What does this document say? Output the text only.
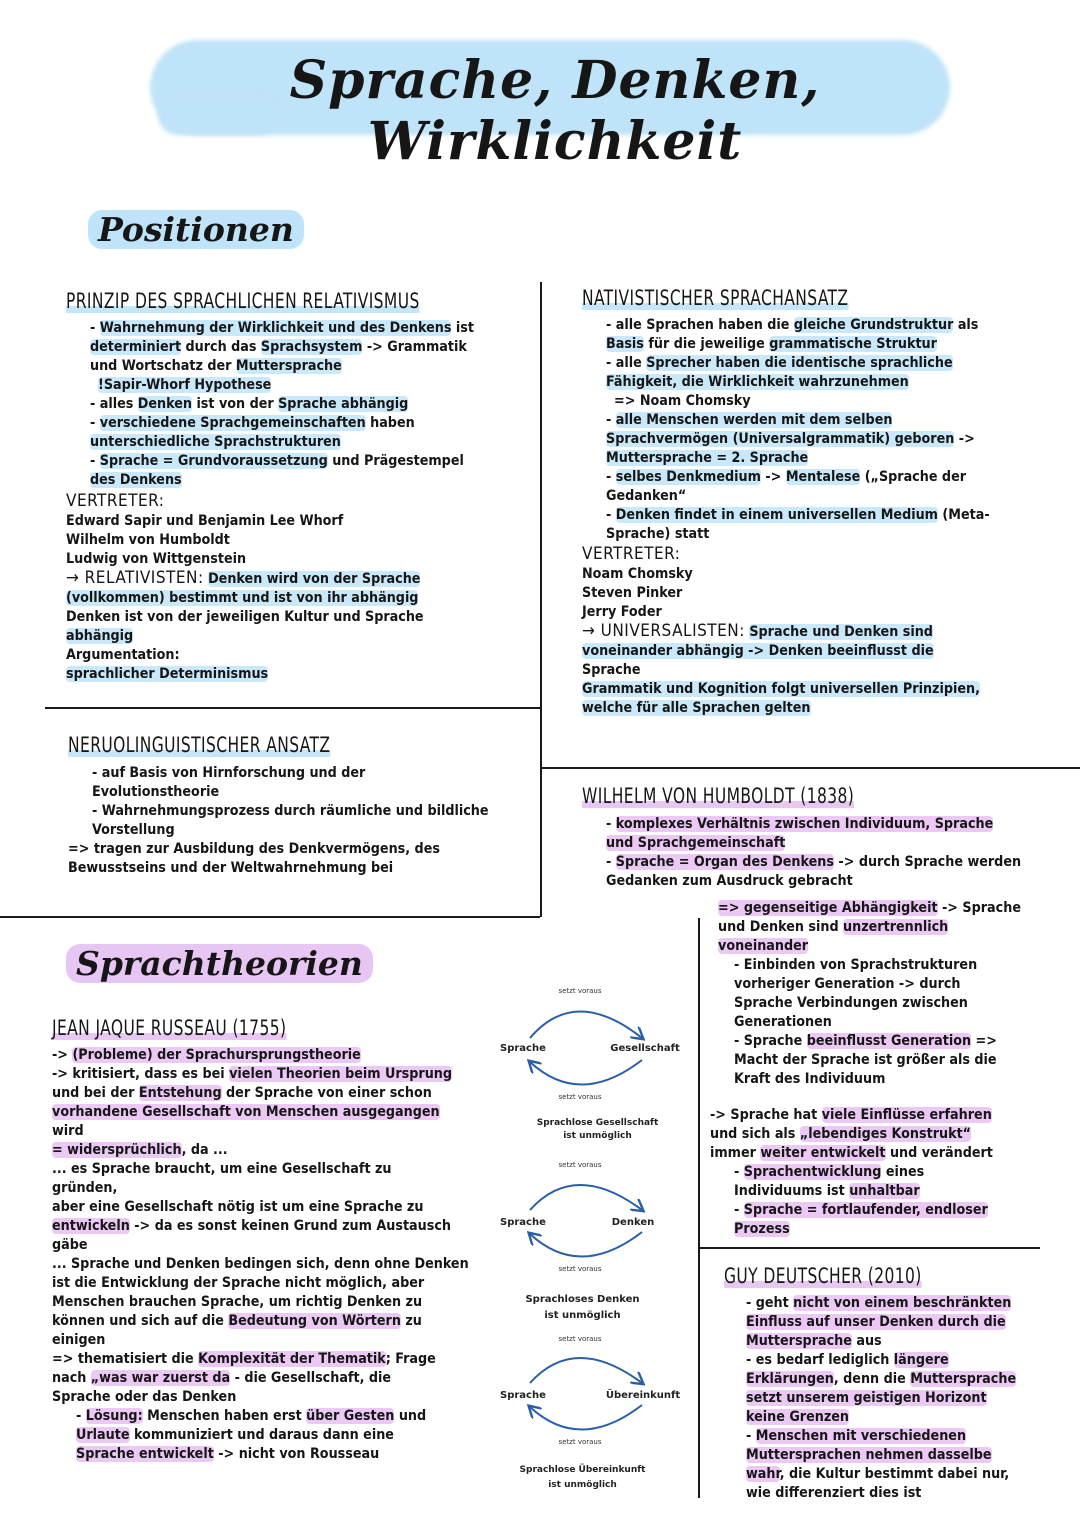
Sprache, Denken, Wirklichkeit
Positionen
PRINZIP DES SPRACHLICHEN RELATIVISMUS

- Wahrnehmung der Wirklichkeit und des Denkens ist

determiniert durch das Sprachsystem -> Grammatik

und Wortschatz der Muttersprache

!Sapir-Whorf Hypothese

- alles Denken ist von der Sprache abhängig

- verschiedene Sprachgemeinschaften haben

unterschiedliche Sprachstrukturen

- Sprache = Grundvoraussetzung und Prägestempel

des Denkens

VERTRETER:

Edward Sapir und Benjamin Lee Whorf

Wilhelm von Humboldt

Ludwig von Wittgenstein

→ RELATIVISTEN: Denken wird von der Sprache

(vollkommen) bestimmt und ist von ihr abhängig

Denken ist von der jeweiligen Kultur und Sprache

abhängig

Argumentation:

sprachlicher Determinismus

NATIVISTISCHER SPRACHANSATZ

- alle Sprachen haben die gleiche Grundstruktur als

Basis für die jeweilige grammatische Struktur

- alle Sprecher haben die identische sprachliche

Fähigkeit, die Wirklichkeit wahrzunehmen

=> Noam Chomsky

- alle Menschen werden mit dem selben

Sprachvermögen (Universalgrammatik) geboren ->

Muttersprache = 2. Sprache

- selbes Denkmedium -> Mentalese („Sprache der

Gedanken“

- Denken findet in einem universellen Medium (Meta-

Sprache) statt

VERTRETER:

Noam Chomsky

Steven Pinker

Jerry Foder

→ UNIVERSALISTEN: Sprache und Denken sind

voneinander abhängig -> Denken beeinflusst die

Sprache

Grammatik und Kognition folgt universellen Prinzipien,

welche für alle Sprachen gelten

NERUOLINGUISTISCHER ANSATZ

- auf Basis von Hirnforschung und der

Evolutionstheorie

- Wahrnehmungsprozess durch räumliche und bildliche

Vorstellung

=> tragen zur Ausbildung des Denkvermögens, des

Bewusstseins und der Weltwahrnehmung bei

WILHELM VON HUMBOLDT (1838)

- komplexes Verhältnis zwischen Individuum, Sprache

und Sprachgemeinschaft

- Sprache = Organ des Denkens -> durch Sprache werden

Gedanken zum Ausdruck gebracht

=> gegenseitige Abhängigkeit -> Sprache

und Denken sind unzertrennlich

voneinander

- Einbinden von Sprachstrukturen

vorheriger Generation -> durch

Sprache Verbindungen zwischen

Generationen

- Sprache beeinflusst Generation =>

Macht der Sprache ist größer als die

Kraft des Individuum

-> Sprache hat viele Einflüsse erfahren

und sich als „lebendiges Konstrukt“

immer weiter entwickelt und verändert

- Sprachentwicklung eines

Individuums ist unhaltbar

- Sprache = fortlaufender, endloser

Prozess

Sprachtheorien
JEAN JAQUE RUSSEAU (1755)

-> (Probleme) der Sprachursprungstheorie

-> kritisiert, dass es bei vielen Theorien beim Ursprung

und bei der Entstehung der Sprache von einer schon

vorhandene Gesellschaft von Menschen ausgegangen

wird

= widersprüchlich, da ...

... es Sprache braucht, um eine Gesellschaft zu

gründen,

aber eine Gesellschaft nötig ist um eine Sprache zu

entwickeln -> da es sonst keinen Grund zum Austausch

gäbe

... Sprache und Denken bedingen sich, denn ohne Denken

ist die Entwicklung der Sprache nicht möglich, aber

Menschen brauchen Sprache, um richtig Denken zu

können und sich auf die Bedeutung von Wörtern zu

einigen

=> thematisiert die Komplexität der Thematik; Frage

nach „was war zuerst da - die Gesellschaft, die

Sprache oder das Denken

- Lösung: Menschen haben erst über Gesten und

Urlaute kommuniziert und daraus dann eine

Sprache entwickelt -> nicht von Rousseau

GUY DEUTSCHER (2010)

- geht nicht von einem beschränkten

Einfluss auf unser Denken durch die

Muttersprache aus

- es bedarf lediglich längere

Erklärungen, denn die Muttersprache

setzt unserem geistigen Horizont

keine Grenzen

- Menschen mit verschiedenen

Muttersprachen nehmen dasselbe

wahr, die Kultur bestimmt dabei nur,

wie differenziert dies ist

setzt voraus
Sprache	Gesellschaft
setzt voraus
Sprachlose Gesellschaft
ist unmöglich
setzt voraus
Sprache	Denken
setzt voraus
Sprachloses Denken
ist unmöglich
setzt voraus
Sprache	Übereinkunft
setzt voraus
Sprachlose Übereinkunft
ist unmöglich
